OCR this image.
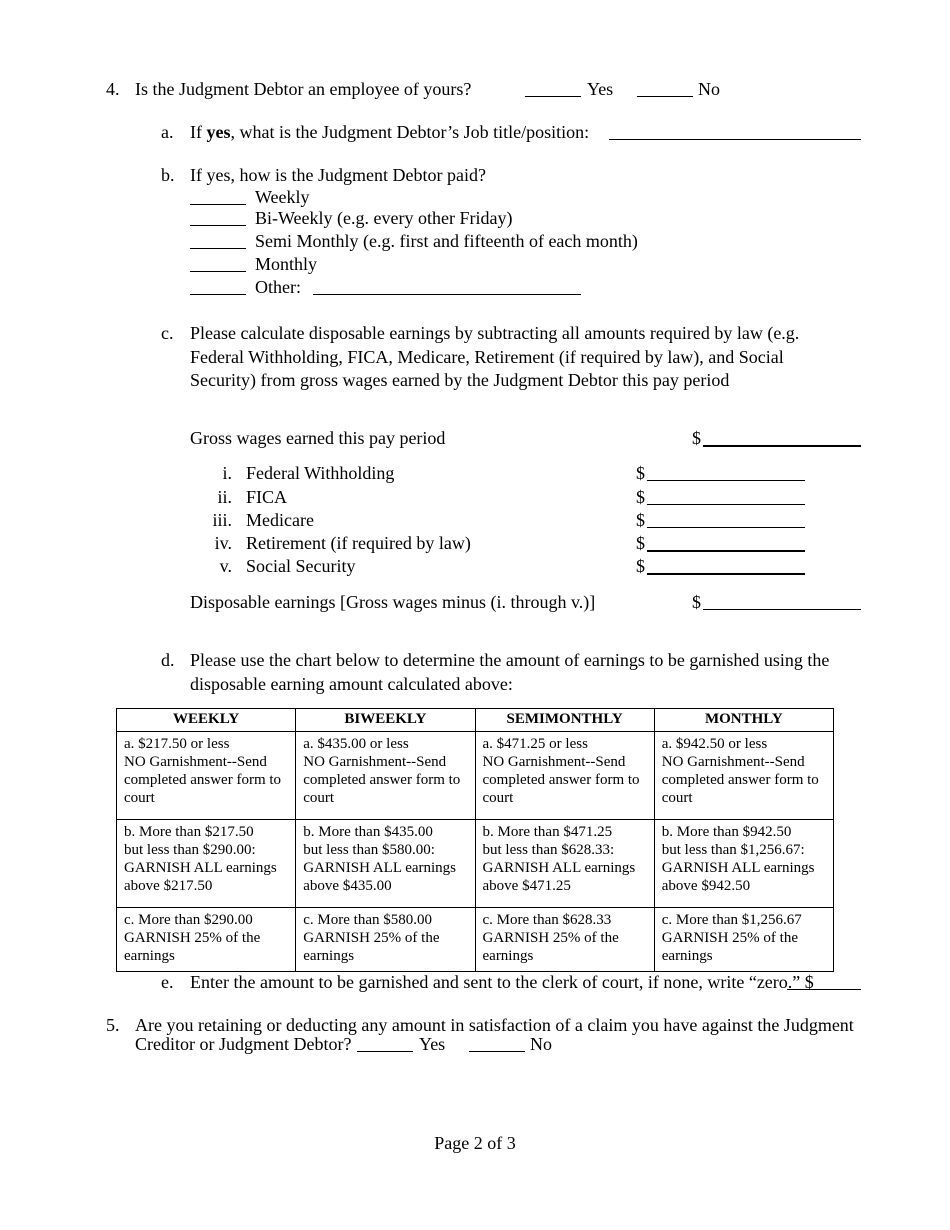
4. Is the Judgment Debtor an employee of yours?	Yes	No
a. If yes, what is the Judgment Debtor’s Job title/position:
b. If yes, how is the Judgment Debtor paid?
Weekly
Bi-Weekly (e.g. every other Friday)
Semi Monthly (e.g. first and fifteenth of each month)
Monthly
Other:
c. Please calculate disposable earnings by subtracting all amounts required by law (e.g.
Federal Withholding, FICA, Medicare, Retirement (if required by law), and Social
Security) from gross wages earned by the Judgment Debtor this pay period
Gross wages earned this pay period	$
i. Federal Withholding	$
ii. FICA	$
iii. Medicare	$
iv. Retirement (if required by law)	$
v. Social Security	$
Disposable earnings [Gross wages minus (i. through v.)]	$
d. Please use the chart below to determine the amount of earnings to be garnished using the
disposable earning amount calculated above:
WEEKLY	BIWEEKLY	SEMIMONTHLY	MONTHLY

a. $217.50 or less
NO Garnishment--Send
completed answer form to
court	a. $435.00 or less
NO Garnishment--Send
completed answer form to
court	a. $471.25 or less
NO Garnishment--Send
completed answer form to
court	a. $942.50 or less
NO Garnishment--Send
completed answer form to
court

b. More than $217.50
but less than $290.00:
GARNISH ALL earnings
above $217.50	b. More than $435.00
but less than $580.00:
GARNISH ALL earnings
above $435.00	b. More than $471.25
but less than $628.33:
GARNISH ALL earnings
above $471.25	b. More than $942.50
but less than $1,256.67:
GARNISH ALL earnings
above $942.50

c. More than $290.00
GARNISH 25% of the
earnings	c. More than $580.00
GARNISH 25% of the
earnings	c. More than $628.33
GARNISH 25% of the
earnings	c. More than $1,256.67
GARNISH 25% of the
earnings
e. Enter the amount to be garnished and sent to the clerk of court, if none, write “zero.” $
5. Are you retaining or deducting any amount in satisfaction of a claim you have against the Judgment
Creditor or Judgment Debtor?	Yes	No
Page 2 of 3
